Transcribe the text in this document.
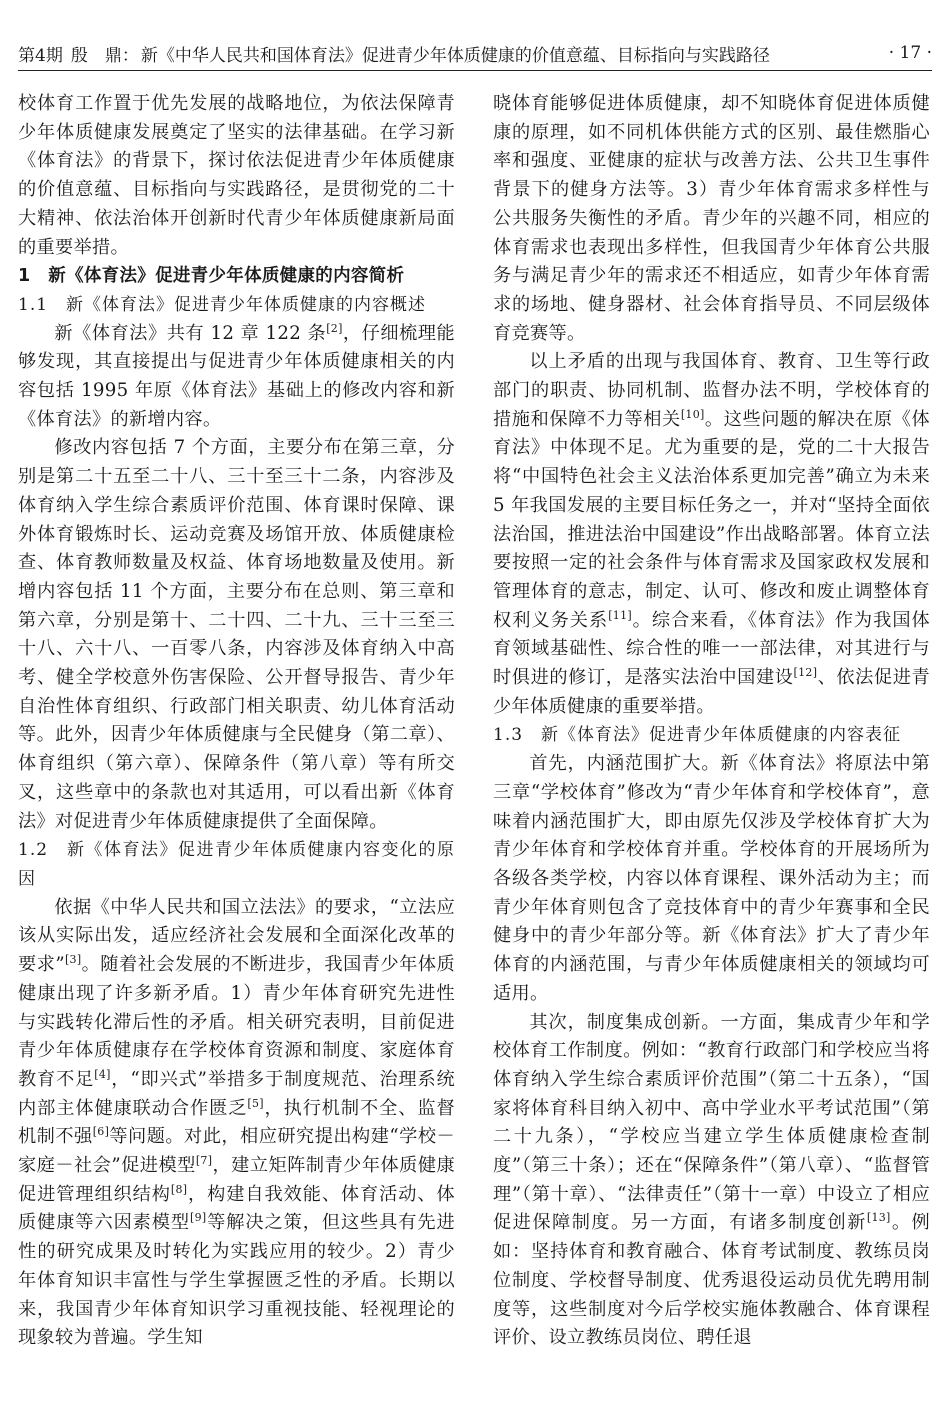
第4期 殷　鼎： 新《中华人民共和国体育法》促进青少年体质健康的价值意蕴、目标指向与实践路径	· 17 ·

校体育工作置于优先发展的战略地位，为依法保障青少年体质健康发展奠定了坚实的法律基础。在学习新《体育法》的背景下，探讨依法促进青少年体质健康的价值意蕴、目标指向与实践路径，是贯彻党的二十大精神、依法治体开创新时代青少年体质健康新局面的重要举措。

1　新《体育法》促进青少年体质健康的内容简析

1.1　新《体育法》促进青少年体质健康的内容概述

新《体育法》共有 12 章 122 条[2]，仔细梳理能够发现，其直接提出与促进青少年体质健康相关的内容包括 1995 年原《体育法》基础上的修改内容和新《体育法》的新增内容。

修改内容包括 7 个方面，主要分布在第三章，分别是第二十五至二十八、三十至三十二条，内容涉及体育纳入学生综合素质评价范围、体育课时保障、课外体育锻炼时长、运动竞赛及场馆开放、体质健康检查、体育教师数量及权益、体育场地数量及使用。新增内容包括 11 个方面，主要分布在总则、第三章和第六章，分别是第十、二十四、二十九、三十三至三十八、六十八、一百零八条，内容涉及体育纳入中高考、健全学校意外伤害保险、公开督导报告、青少年自治性体育组织、行政部门相关职责、幼儿体育活动等。此外，因青少年体质健康与全民健身（第二章）、体育组织（第六章）、保障条件（第八章）等有所交叉，这些章中的条款也对其适用，可以看出新《体育法》对促进青少年体质健康提供了全面保障。

1.2　新《体育法》促进青少年体质健康内容变化的原因

依据《中华人民共和国立法法》的要求，“立法应该从实际出发，适应经济社会发展和全面深化改革的要求”[3]。随着社会发展的不断进步，我国青少年体质健康出现了许多新矛盾。1）青少年体育研究先进性与实践转化滞后性的矛盾。相关研究表明，目前促进青少年体质健康存在学校体育资源和制度、家庭体育教育不足[4]，“即兴式”举措多于制度规范、治理系统内部主体健康联动合作匮乏[5]，执行机制不全、监督机制不强[6]等问题。对此，相应研究提出构建“学校－家庭－社会”促进模型[7]，建立矩阵制青少年体质健康促进管理组织结构[8]，构建自我效能、体育活动、体质健康等六因素模型[9]等解决之策，但这些具有先进性的研究成果及时转化为实践应用的较少。2）青少年体育知识丰富性与学生掌握匮乏性的矛盾。长期以来，我国青少年体育知识学习重视技能、轻视理论的现象较为普遍。学生知

晓体育能够促进体质健康，却不知晓体育促进体质健康的原理，如不同机体供能方式的区别、最佳燃脂心率和强度、亚健康的症状与改善方法、公共卫生事件背景下的健身方法等。3）青少年体育需求多样性与公共服务失衡性的矛盾。青少年的兴趣不同，相应的体育需求也表现出多样性，但我国青少年体育公共服务与满足青少年的需求还不相适应，如青少年体育需求的场地、健身器材、社会体育指导员、不同层级体育竞赛等。

以上矛盾的出现与我国体育、教育、卫生等行政部门的职责、协同机制、监督办法不明，学校体育的措施和保障不力等相关[10]。这些问题的解决在原《体育法》中体现不足。尤为重要的是，党的二十大报告将“中国特色社会主义法治体系更加完善”确立为未来 5 年我国发展的主要目标任务之一，并对“坚持全面依法治国，推进法治中国建设”作出战略部署。体育立法要按照一定的社会条件与体育需求及国家政权发展和管理体育的意志，制定、认可、修改和废止调整体育权利义务关系[11]。综合来看，《体育法》作为我国体育领域基础性、综合性的唯一一部法律，对其进行与时俱进的修订，是落实法治中国建设[12]、依法促进青少年体质健康的重要举措。

1.3　新《体育法》促进青少年体质健康的内容表征

首先，内涵范围扩大。新《体育法》将原法中第三章“学校体育”修改为“青少年体育和学校体育”，意味着内涵范围扩大，即由原先仅涉及学校体育扩大为青少年体育和学校体育并重。学校体育的开展场所为各级各类学校，内容以体育课程、课外活动为主；而青少年体育则包含了竞技体育中的青少年赛事和全民健身中的青少年部分等。新《体育法》扩大了青少年体育的内涵范围，与青少年体质健康相关的领域均可适用。

其次，制度集成创新。一方面，集成青少年和学校体育工作制度。例如：“教育行政部门和学校应当将体育纳入学生综合素质评价范围”（第二十五条），“国家将体育科目纳入初中、高中学业水平考试范围”（第二十九条），“学校应当建立学生体质健康检查制度”（第三十条）；还在“保障条件”（第八章）、“监督管理”（第十章）、“法律责任”（第十一章）中设立了相应促进保障制度。另一方面，有诸多制度创新[13]。例如：坚持体育和教育融合、体育考试制度、教练员岗位制度、学校督导制度、优秀退役运动员优先聘用制度等，这些制度对今后学校实施体教融合、体育课程评价、设立教练员岗位、聘任退
